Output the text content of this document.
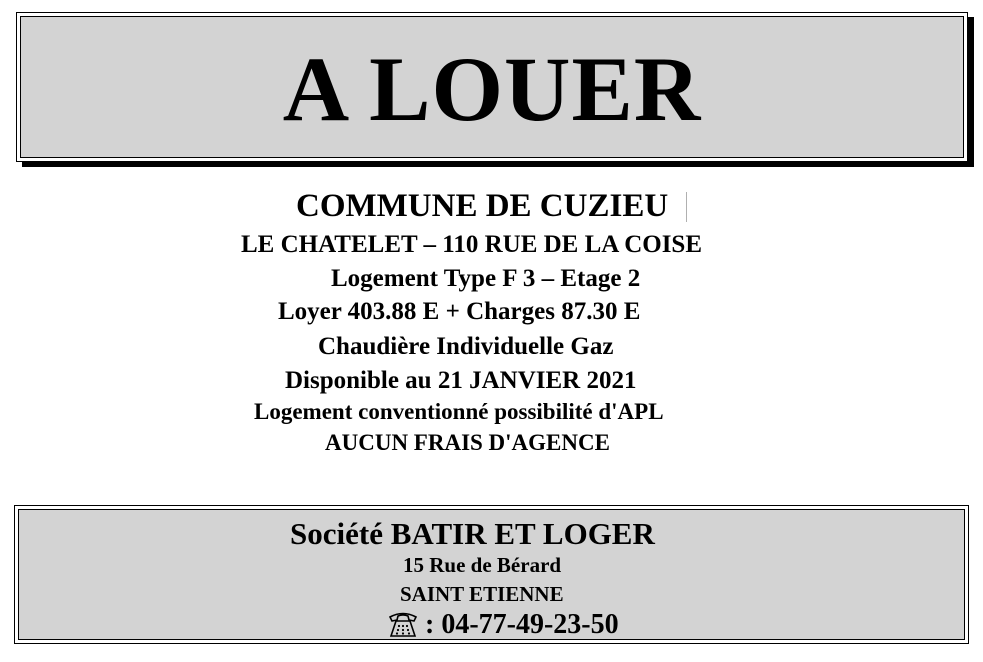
A LOUER
COMMUNE DE CUZIEU
LE CHATELET – 110 RUE DE LA COISE
Logement Type F 3 – Etage 2
Loyer 403.88 E + Charges 87.30 E
Chaudière Individuelle Gaz
Disponible au 21 JANVIER 2021
Logement conventionné possibilité d'APL
AUCUN FRAIS D'AGENCE
Société BATIR ET LOGER
15 Rue de Bérard
SAINT ETIENNE
: 04-77-49-23-50
